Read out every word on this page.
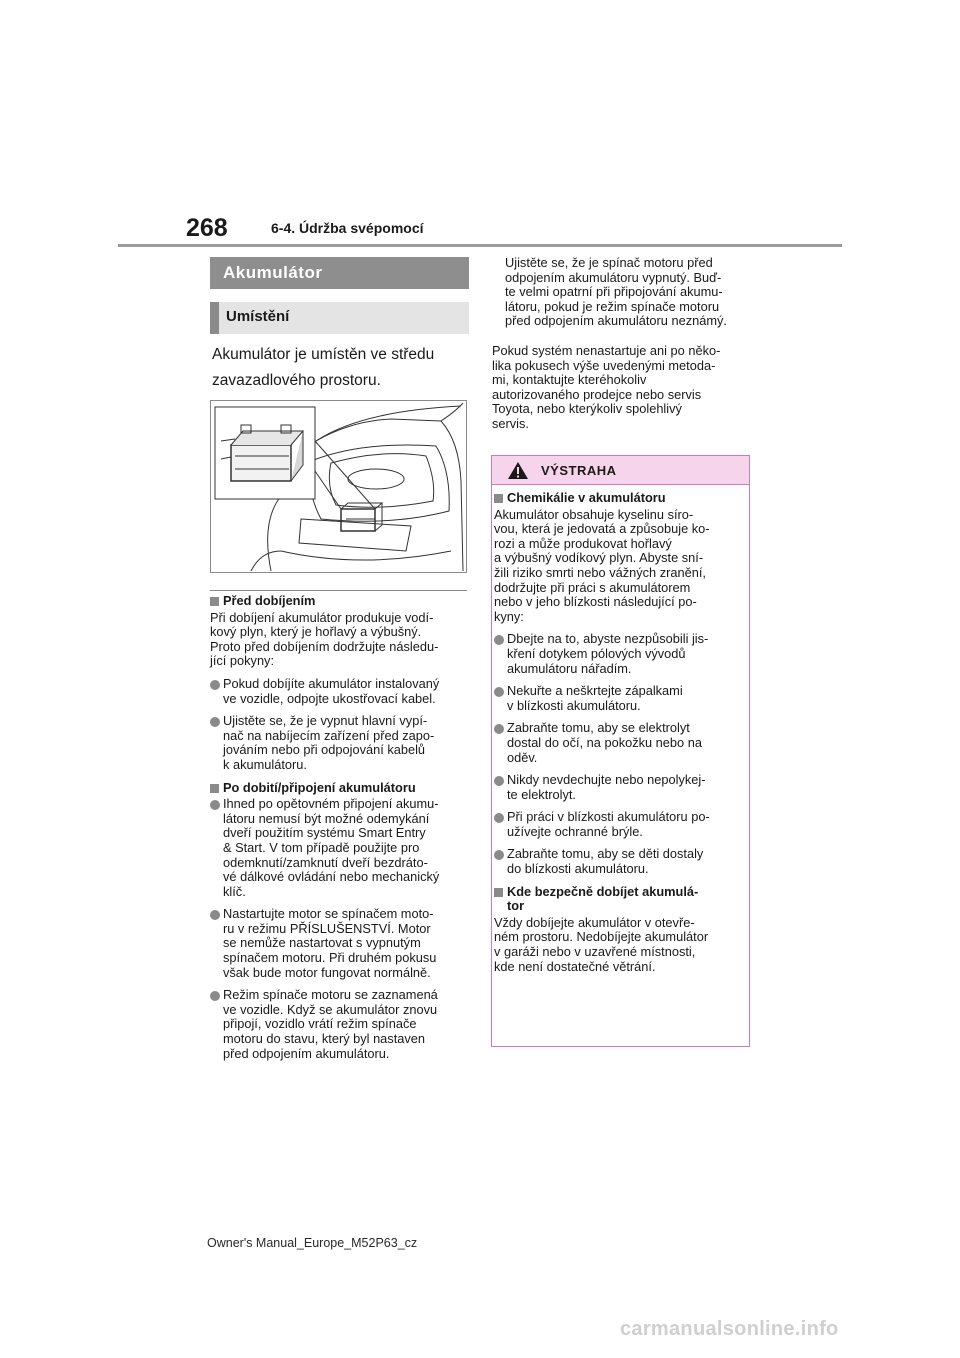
268	6-4. Údržba svépomocí
Akumulátor
Umístění
Akumulátor je umístěn ve středu
zavazadlového prostoru.
Před dobíjením
Při dobíjení akumulátor produkuje vodí-
kový plyn, který je hořlavý a výbušný.
Proto před dobíjením dodržujte následu-
jící pokyny:
Pokud dobíjíte akumulátor instalovaný
ve vozidle, odpojte ukostřovací kabel.
Ujistěte se, že je vypnut hlavní vypí-
nač na nabíjecím zařízení před zapo-
jováním nebo při odpojování kabelů
k akumulátoru.
Po dobití/připojení akumulátoru
Ihned po opětovném připojení akumu-
látoru nemusí být možné odemykání
dveří použitím systému Smart Entry
& Start. V tom případě použijte pro
odemknutí/zamknutí dveří bezdráto-
vé dálkové ovládání nebo mechanický
klíč.
Nastartujte motor se spínačem moto-
ru v režimu PŘÍSLUŠENSTVÍ. Motor
se nemůže nastartovat s vypnutým
spínačem motoru. Při druhém pokusu
však bude motor fungovat normálně.
Režim spínače motoru se zaznamená
ve vozidle. Když se akumulátor znovu
připojí, vozidlo vrátí režim spínače
motoru do stavu, který byl nastaven
před odpojením akumulátoru.
Ujistěte se, že je spínač motoru před
odpojením akumulátoru vypnutý. Buď-
te velmi opatrní při připojování akumu-
látoru, pokud je režim spínače motoru
před odpojením akumulátoru neznámý.
Pokud systém nenastartuje ani po něko-
lika pokusech výše uvedenými metoda-
mi, kontaktujte kteréhokoliv
autorizovaného prodejce nebo servis
Toyota, nebo kterýkoliv spolehlivý
servis.
VÝSTRAHA
Chemikálie v akumulátoru
Akumulátor obsahuje kyselinu síro-
vou, která je jedovatá a způsobuje ko-
rozi a může produkovat hořlavý
a výbušný vodíkový plyn. Abyste sní-
žili riziko smrti nebo vážných zranění,
dodržujte při práci s akumulátorem
nebo v jeho blízkosti následující po-
kyny:
Dbejte na to, abyste nezpůsobili jis-
kření dotykem pólových vývodů
akumulátoru nářadím.
Nekuřte a neškrtejte zápalkami
v blízkosti akumulátoru.
Zabraňte tomu, aby se elektrolyt
dostal do očí, na pokožku nebo na
oděv.
Nikdy nevdechujte nebo nepolykej-
te elektrolyt.
Při práci v blízkosti akumulátoru po-
užívejte ochranné brýle.
Zabraňte tomu, aby se děti dostaly
do blízkosti akumulátoru.
Kde bezpečně dobíjet akumulá-
tor
Vždy dobíjejte akumulátor v otevře-
ném prostoru. Nedobíjejte akumulátor
v garáži nebo v uzavřené místnosti,
kde není dostatečné větrání.
Owner's Manual_Europe_M52P63_cz
carmanualsonline.info
